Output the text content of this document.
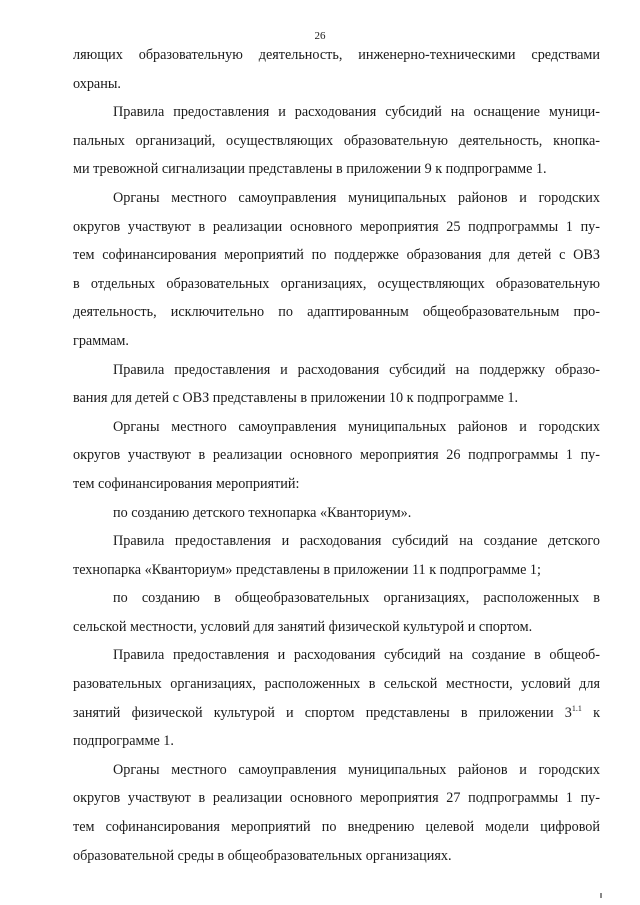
26
ляющих образовательную деятельность, инженерно-техническими средствами
охраны.
Правила предоставления и расходования субсидий на оснащение муници-
пальных организаций, осуществляющих образовательную деятельность, кнопка-
ми тревожной сигнализации представлены в приложении 9 к подпрограмме 1.
Органы местного самоуправления муниципальных районов и городских
округов участвуют в реализации основного мероприятия 25 подпрограммы 1 пу-
тем софинансирования мероприятий по поддержке образования для детей с ОВЗ
в отдельных образовательных организациях, осуществляющих образовательную
деятельность, исключительно по адаптированным общеобразовательным про-
граммам.
Правила предоставления и расходования субсидий на поддержку образо-
вания для детей с ОВЗ представлены в приложении 10 к подпрограмме 1.
Органы местного самоуправления муниципальных районов и городских
округов участвуют в реализации основного мероприятия 26 подпрограммы 1 пу-
тем софинансирования мероприятий:
по созданию детского технопарка «Кванториум».
Правила предоставления и расходования субсидий на создание детского
технопарка «Кванториум» представлены в приложении 11 к подпрограмме 1;
по созданию в общеобразовательных организациях, расположенных в
сельской местности, условий для занятий физической культурой и спортом.
Правила предоставления и расходования субсидий на создание в общеоб-
разовательных организациях, расположенных в сельской местности, условий для
занятий физической культурой и спортом представлены в приложении $3^{1.1}$ к
подпрограмме 1.
Органы местного самоуправления муниципальных районов и городских
округов участвуют в реализации основного мероприятия 27 подпрограммы 1 пу-
тем софинансирования мероприятий по внедрению целевой модели цифровой
образовательной среды в общеобразовательных организациях.
